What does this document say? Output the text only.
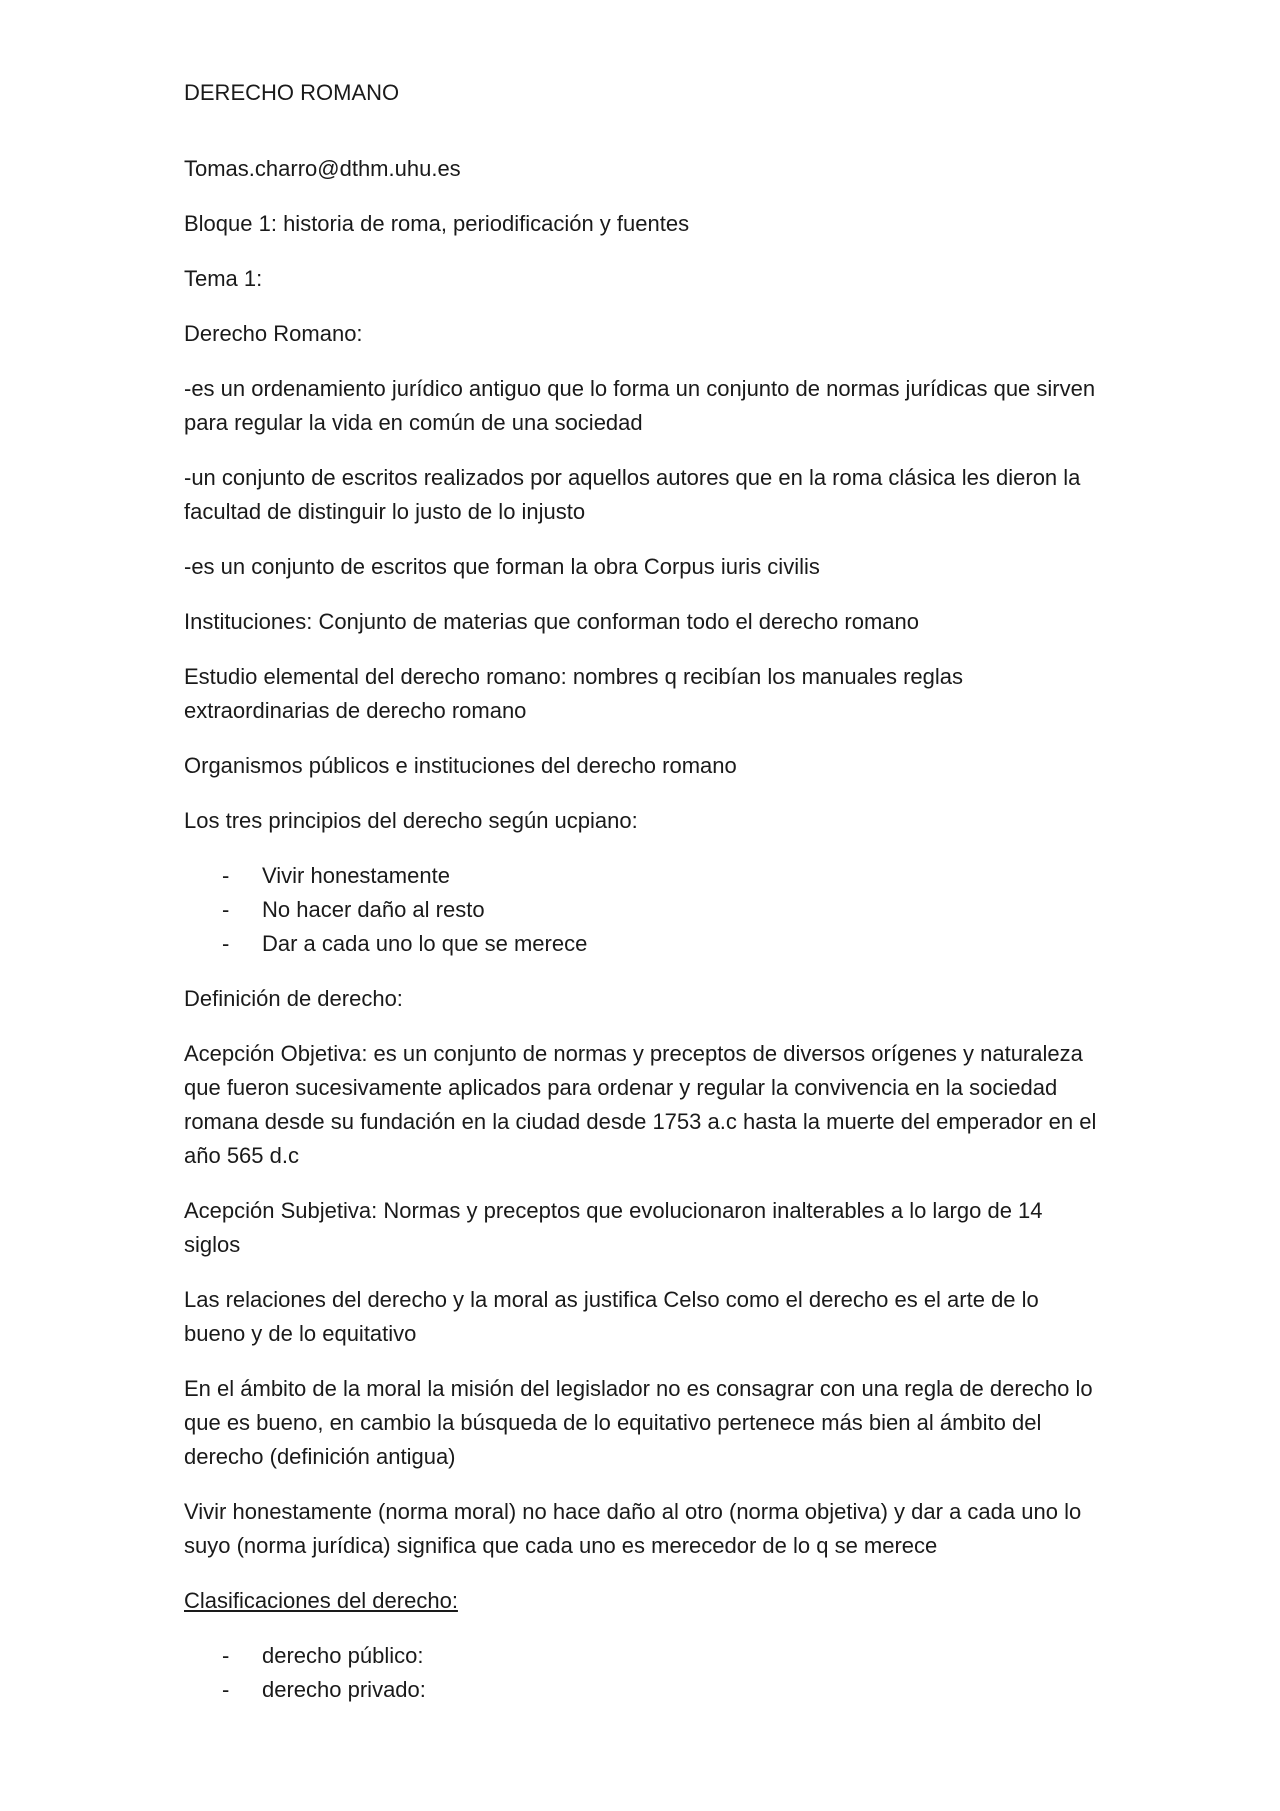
DERECHO ROMANO

Tomas.charro@dthm.uhu.es

Bloque 1: historia de roma, periodificación y fuentes

Tema 1:

Derecho Romano:

-es un ordenamiento jurídico antiguo que lo forma un conjunto de normas jurídicas que sirven para regular la vida en común de una sociedad

-un conjunto de escritos realizados por aquellos autores que en la roma clásica les dieron la facultad de distinguir lo justo de lo injusto

-es un conjunto de escritos que forman la obra Corpus iuris civilis

Instituciones: Conjunto de materias que conforman todo el derecho romano

Estudio elemental del derecho romano: nombres q recibían los manuales reglas extraordinarias de derecho romano

Organismos públicos e instituciones del derecho romano

Los tres principios del derecho según ucpiano:

- Vivir honestamente
- No hacer daño al resto
- Dar a cada uno lo que se merece

Definición de derecho:

Acepción Objetiva: es un conjunto de normas y preceptos de diversos orígenes y naturaleza que fueron sucesivamente aplicados para ordenar y regular la convivencia en la sociedad romana desde su fundación en la ciudad desde 1753 a.c hasta la muerte del emperador en el año 565 d.c

Acepción Subjetiva: Normas y preceptos que evolucionaron inalterables a lo largo de 14 siglos

Las relaciones del derecho y la moral as justifica Celso como el derecho es el arte de lo bueno y de lo equitativo

En el ámbito de la moral la misión del legislador no es consagrar con una regla de derecho lo que es bueno, en cambio la búsqueda de lo equitativo pertenece más bien al ámbito del derecho (definición antigua)

Vivir honestamente (norma moral) no hace daño al otro (norma objetiva) y dar a cada uno lo suyo (norma jurídica) significa que cada uno es merecedor de lo q se merece

Clasificaciones del derecho:

- derecho público:
- derecho privado:
